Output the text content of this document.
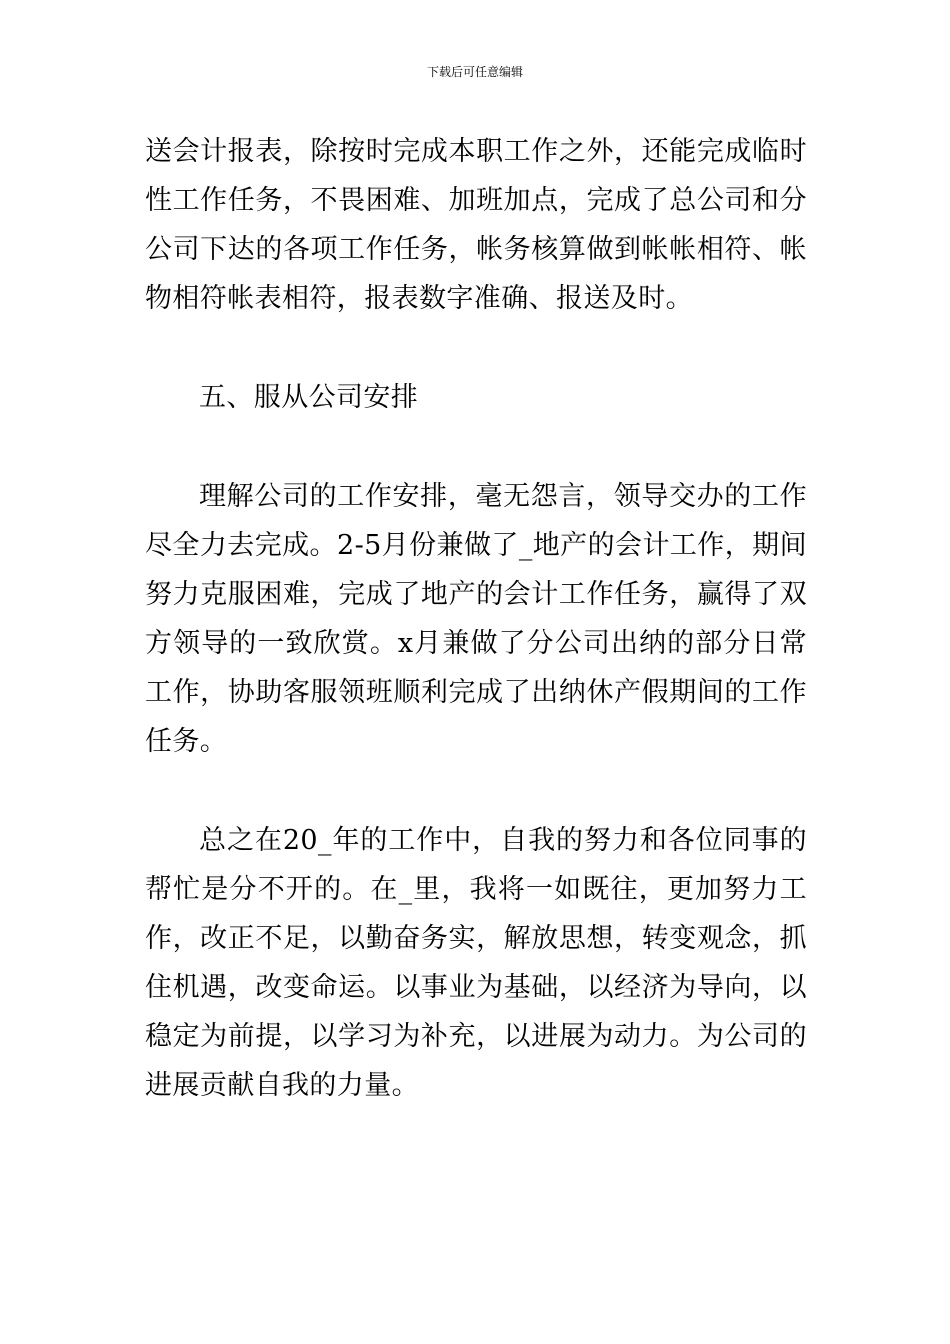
下载后可任意编辑

送会计报表，除按时完成本职工作之外，还能完成临时性工作任务，不畏困难、加班加点，完成了总公司和分公司下达的各项工作任务，帐务核算做到帐帐相符、帐物相符帐表相符，报表数字准确、报送及时。

五、服从公司安排

理解公司的工作安排，毫无怨言，领导交办的工作尽全力去完成。2-5月份兼做了_地产的会计工作，期间努力克服困难，完成了地产的会计工作任务，赢得了双方领导的一致欣赏。x月兼做了分公司出纳的部分日常工作，协助客服领班顺利完成了出纳休产假期间的工作任务。

总之在20_年的工作中，自我的努力和各位同事的帮忙是分不开的。在_里，我将一如既往，更加努力工作，改正不足，以勤奋务实，解放思想，转变观念，抓住机遇，改变命运。以事业为基础，以经济为导向，以稳定为前提，以学习为补充，以进展为动力。为公司的进展贡献自我的力量。
